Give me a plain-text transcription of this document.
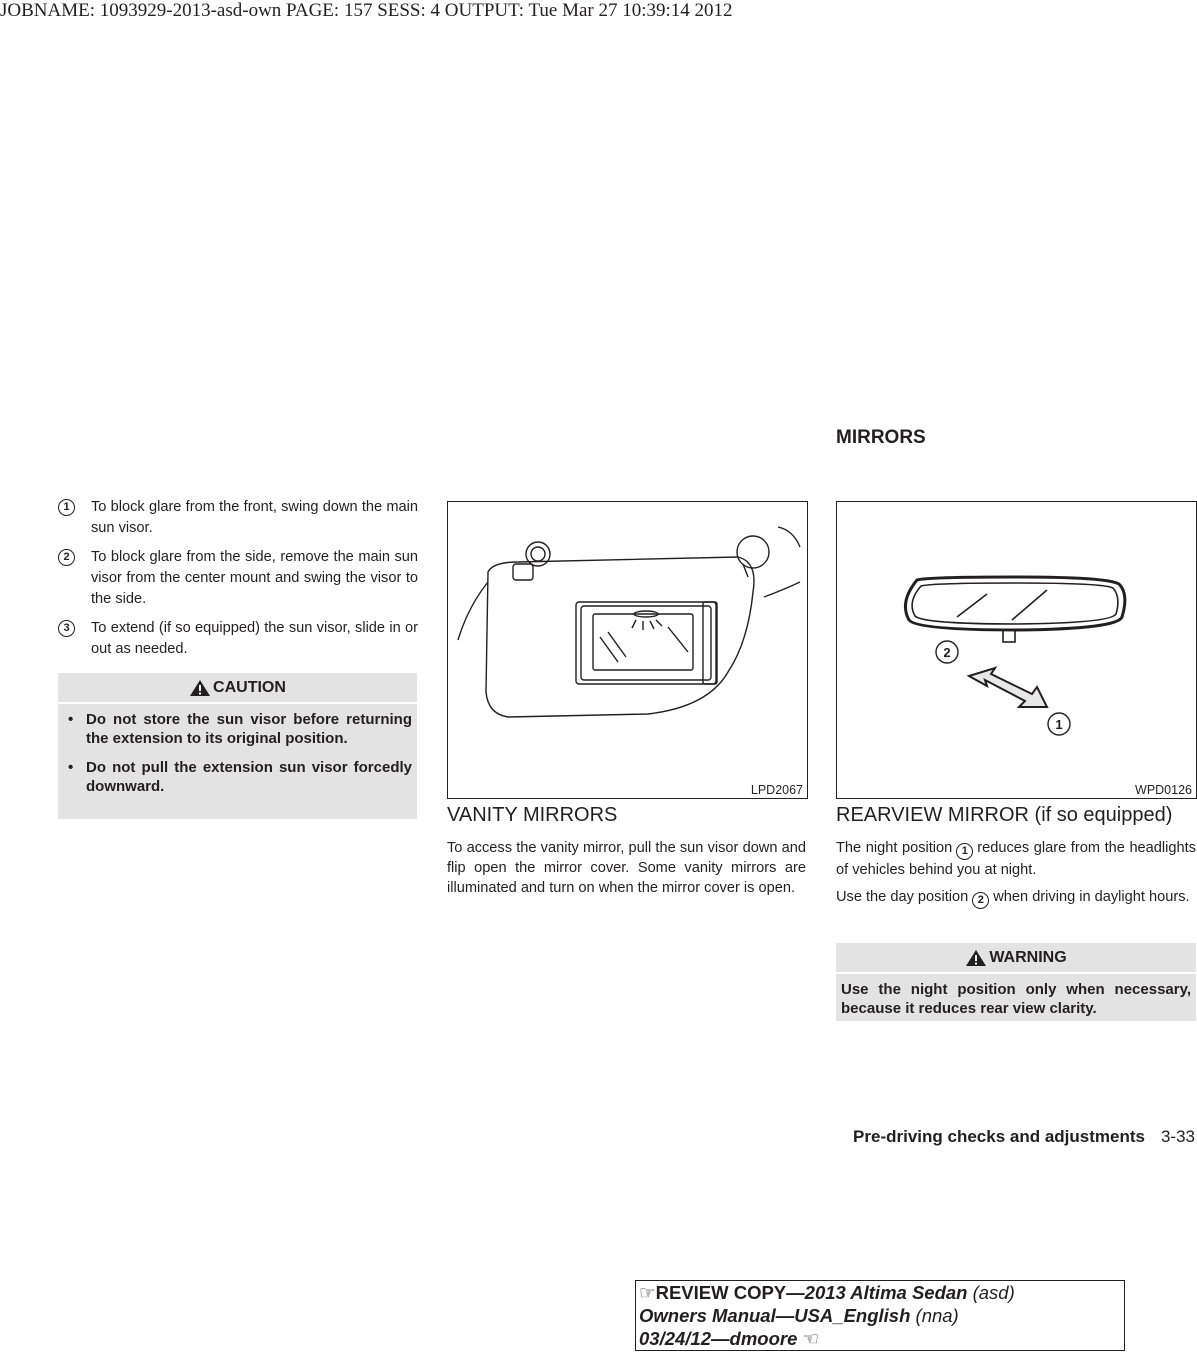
JOBNAME: 1093929-2013-asd-own PAGE: 157 SESS: 4 OUTPUT: Tue Mar 27 10:39:14 2012
MIRRORS
1	To block glare from the front, swing down the main sun visor.
2	To block glare from the side, remove the main sun visor from the center mount and swing the visor to the side.
3	To extend (if so equipped) the sun visor, slide in or out as needed.
CAUTION
• Do not store the sun visor before returning the extension to its original position.
• Do not pull the extension sun visor forcedly downward.	LPD2067
VANITY MIRRORS
To access the vanity mirror, pull the sun visor down and flip open the mirror cover. Some vanity mirrors are illuminated and turn on when the mirror cover is open.
2
1
WPD0126
REARVIEW MIRROR (if so equipped)
The night position 1 reduces glare from the headlights of vehicles behind you at night.
Use the day position 2 when driving in daylight hours.
WARNING
Use the night position only when necessary, because it reduces rear view clarity.
Pre-driving checks and adjustments 3-33
☞REVIEW COPY—2013 Altima Sedan (asd)
Owners Manual—USA_English (nna)
03/24/12—dmoore ☜
